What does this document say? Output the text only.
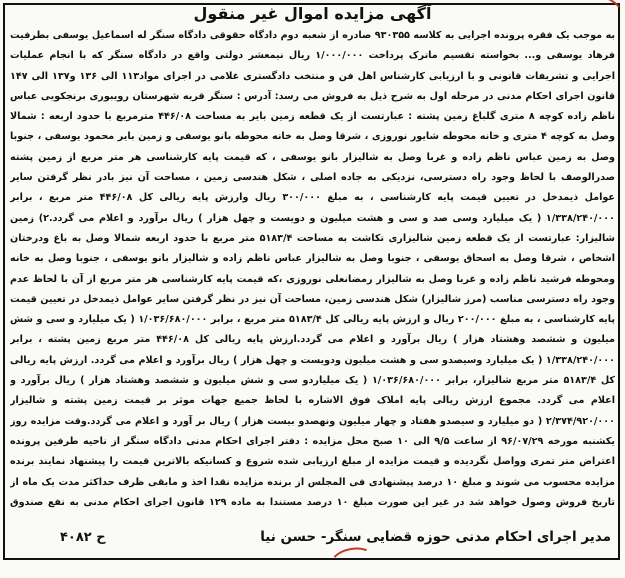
آگهی مزایده اموال غیر منقول
به موجب یک فقره پرونده اجرایی به کلاسه ۹۳۰۳۵۵ صادره از شعبه دوم دادگاه حقوقی دادگاه سنگر له اسماعیل یوسفی بطرفیت فرهاد یوسفی و... بخواسته تقسیم ماترک پرداخت ۱/۰۰۰/۰۰۰ ریال نیمعشر دولتی واقع در دادگاه سنگر که با انجام عملیات اجرایی و تشریفات قانونی و با ارزیابی کارشناس اهل فن و منتخب دادگستری غلامی در اجرای مواد۱۱۳ الی ۱۳۶ و۱۳۷ الی ۱۴۷ قانون اجرای احکام مدنی در مرحله اول به شرح ذیل به فروش می رسد: آدرس : سنگر قریه شهرستان رویبوری برنجکویی عباس ناظم زاده کوچه ۸ متری گلباغ زمین پشته : عبارتست از یک قطعه زمین بایر به مساحت ۴۴۶/۰۸ مترمربع با حدود اربعه : شمالا وصل به کوچه ۴ متری و خانه محوطه شایور نوروزی ، شرقا وصل به خانه محوطه بانو یوسفی و زمین بایر محمود یوسفی ، جنوبا وصل به زمین عباس ناظم زاده و غربا وصل به شالیزار بانو یوسفی ، که قیمت پایه کارشناسی هر متر مربع از زمین پشته صدرالوصف با لحاظ وجود راه دسترسی، نزدیکی به جاده اصلی ، شکل هندسی زمین ، مساحت آن نیز بادر نظر گرفتن سایر عوامل ذیمدخل در تعیین قیمت پایه کارشناسی ، به مبلغ ۳۰۰/۰۰۰ ریال وارزش پایه ریالی کل ۴۴۶/۰۸ متر مربع ، برابر ۱/۳۳۸/۲۴۰/۰۰۰ ( یک میلیارد وسی صد و سی و هشت میلیون و دویست و چهل هزار ) ریال برآورد و اعلام می گردد.۲) زمین شالیزار: عبارتست از یک قطعه زمین شالیزاری تکاشت به مساحت ۵۱۸۳/۴ متر مربع با حدود اربعه شمالا وصل به باغ ودرختان اشخاص ، شرقا وصل به اسحاق یوسفی ، جنوبا وصل به شالیزار عباس ناظم زاده و شالیزار بانو یوسفی ، جنوبا وصل به خانه ومحوطه فرشید ناظم زاده و غربا وصل به شالیزار رمضانعلی نوروزی ،که قیمت پایه کارشناسی هر متر مربع از آن با لحاظ عدم وجود راه دسترسی مناسب (مرز شالیزار) شکل هندسی زمین، مساحت آن نیز در نظر گرفتن سایر عوامل ذیمدخل در تعیین قیمت پایه کارشناسی ، به مبلغ ۲۰۰/۰۰۰ ریال و ارزش پایه ریالی کل ۵۱۸۳/۴ متر مربع ، برابر ۱/۰۳۶/۶۸۰/۰۰۰ ( یک میلیارد و سی و شش میلیون و ششصد وهشتاد هزار ) ریال برآورد و اعلام می گردد.ارزش پایه ریالی کل ۴۴۶/۰۸ متر مربع زمین پشته ، برابر ۱/۳۳۸/۲۴۰/۰۰۰ ( یک میلیارد وسیصدو سی و هشت میلیون ودویست و چهل هزار ) ریال برآورد و اعلام می گردد. ارزش پایه ریالی کل ۵۱۸۳/۴ متر مربع شالیزار، برابر ۱/۰۳۶/۶۸۰/۰۰۰ ( یک میلیاردو سی و شش میلیون و ششصد وهشتاد هزار ) ریال برآورد و اعلام می گردد. مجموع ارزش ریالی پایه املاک فوق الاشاره با لحاظ جمیع جهات موثر بر قیمت زمین پشته و شالیزار ۲/۳۷۴/۹۲۰/۰۰۰ ( دو میلیارد و سیصدو هفتاد و چهار میلیون ونهصدو بیست هزار ) ریال بر آورد و اعلام می گردد.وقت مزایده روز یکشنبه مورخه ۹۶/۰۷/۲۹ از ساعت ۹/۵ الی ۱۰ صبح محل مزایده : دفتر اجرای احکام مدنی دادگاه سنگر از ناحیه طرفین پرونده اعتراض متر تمری وواصل نگردیده و قیمت مزایده از مبلغ ارزیابی شده شروع و کسانیکه بالاترین قیمت را پیشنهاد نمایند برنده مزایده محسوب می شوند و مبلغ ۱۰ درصد پیشنهادی فی المجلس از برنده مزایده نقدا اخذ و مابقی ظرف حداکثر مدت یک ماه از تاریخ فروش وصول خواهد شد در غیر این صورت مبلغ ۱۰ درصد مستندا به ماده ۱۲۹ قانون اجرای احکام مدنی به نفع صندوق
مدیر اجرای احکام مدنی حوزه قضایی سنگر- حسن نیا
ح ۴۰۸۲
